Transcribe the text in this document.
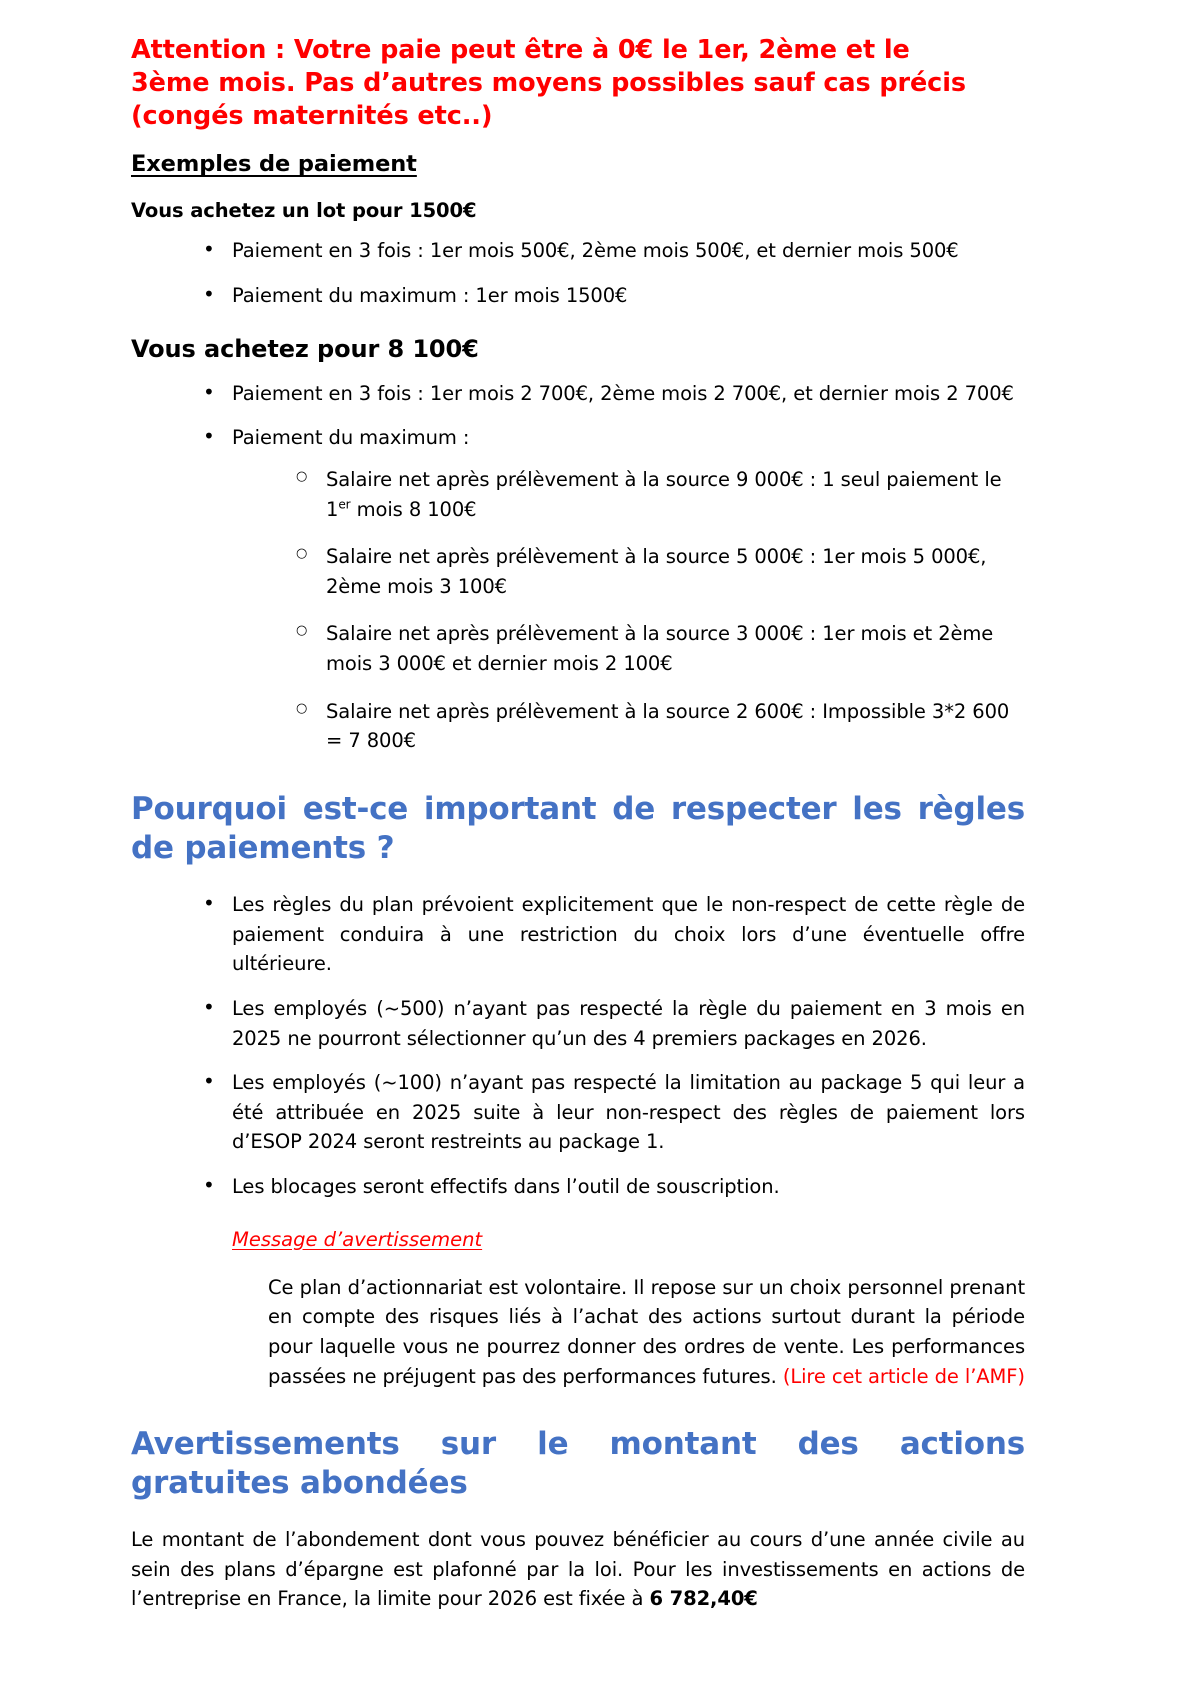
Attention : Votre paie peut être à 0€ le 1er, 2ème et le 3ème mois. Pas d’autres moyens possibles sauf cas précis (congés maternités etc..)

Exemples de paiement
Vous achetez un lot pour 1500€
• Paiement en 3 fois : 1er mois 500€, 2ème mois 500€, et dernier mois 500€
• Paiement du maximum : 1er mois 1500€
Vous achetez pour 8 100€
• Paiement en 3 fois : 1er mois 2 700€, 2ème mois 2 700€, et dernier mois 2 700€
• Paiement du maximum :
○ Salaire net après prélèvement à la source 9 000€ : 1 seul paiement le 1er mois 8 100€
○ Salaire net après prélèvement à la source 5 000€ : 1er mois 5 000€, 2ème mois 3 100€
○ Salaire net après prélèvement à la source 3 000€ : 1er mois et 2ème mois 3 000€ et dernier mois 2 100€
○ Salaire net après prélèvement à la source 2 600€ : Impossible 3*2 600 = 7 800€
Pourquoi est-ce important de respecter les règles de paiements ?
• Les règles du plan prévoient explicitement que le non-respect de cette règle de paiement conduira à une restriction du choix lors d’une éventuelle offre ultérieure.
• Les employés (~500) n’ayant pas respecté la règle du paiement en 3 mois en 2025 ne pourront sélectionner qu’un des 4 premiers packages en 2026.
• Les employés (~100) n’ayant pas respecté la limitation au package 5 qui leur a été attribuée en 2025 suite à leur non-respect des règles de paiement lors d’ESOP 2024 seront restreints au package 1.
• Les blocages seront effectifs dans l’outil de souscription.

Message d’avertissement

Ce plan d’actionnariat est volontaire. Il repose sur un choix personnel prenant en compte des risques liés à l’achat des actions surtout durant la période pour laquelle vous ne pourrez donner des ordres de vente. Les performances passées ne préjugent pas des performances futures. (Lire cet article de l’AMF)

Avertissements sur le montant des actions gratuites abondées

Le montant de l’abondement dont vous pouvez bénéficier au cours d’une année civile au sein des plans d’épargne est plafonné par la loi. Pour les investissements en actions de l’entreprise en France, la limite pour 2026 est fixée à 6 782,40€
